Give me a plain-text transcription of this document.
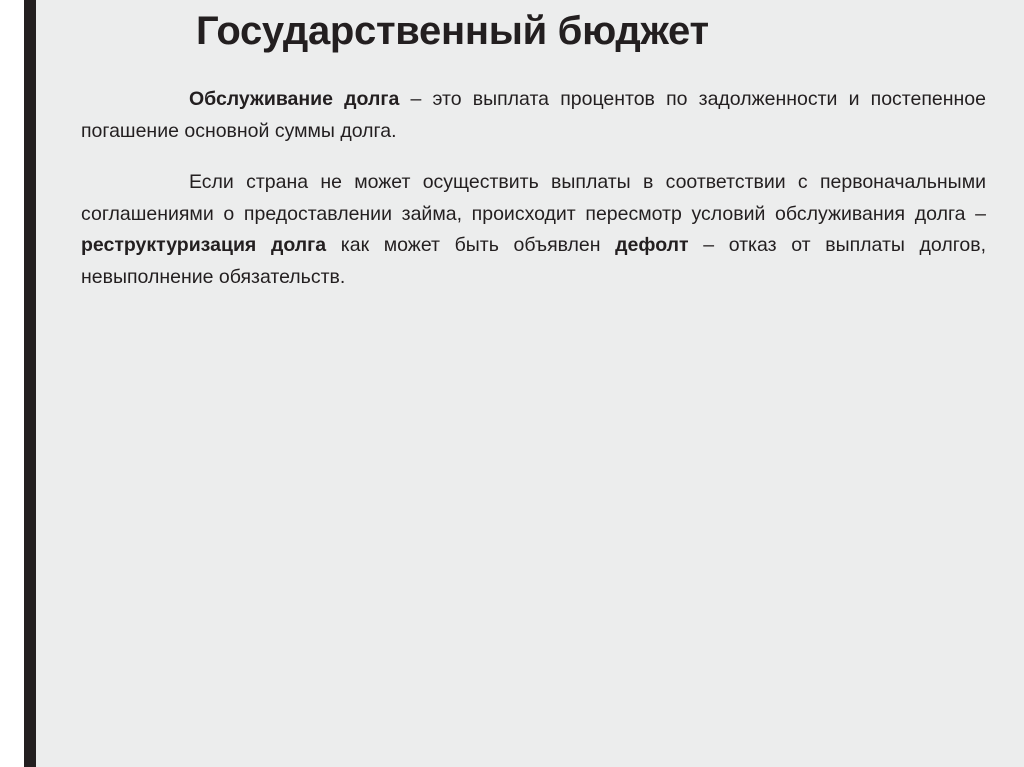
Государственный бюджет

Обслуживание долга – это выплата процентов по задолженности и постепенное погашение основной суммы долга.

Если страна не может осуществить выплаты в соответствии с первоначальными соглашениями о предоставлении займа, происходит пересмотр условий обслуживания долга – реструктуризация долга как может быть объявлен дефолт – отказ от выплаты долгов, невыполнение обязательств.
